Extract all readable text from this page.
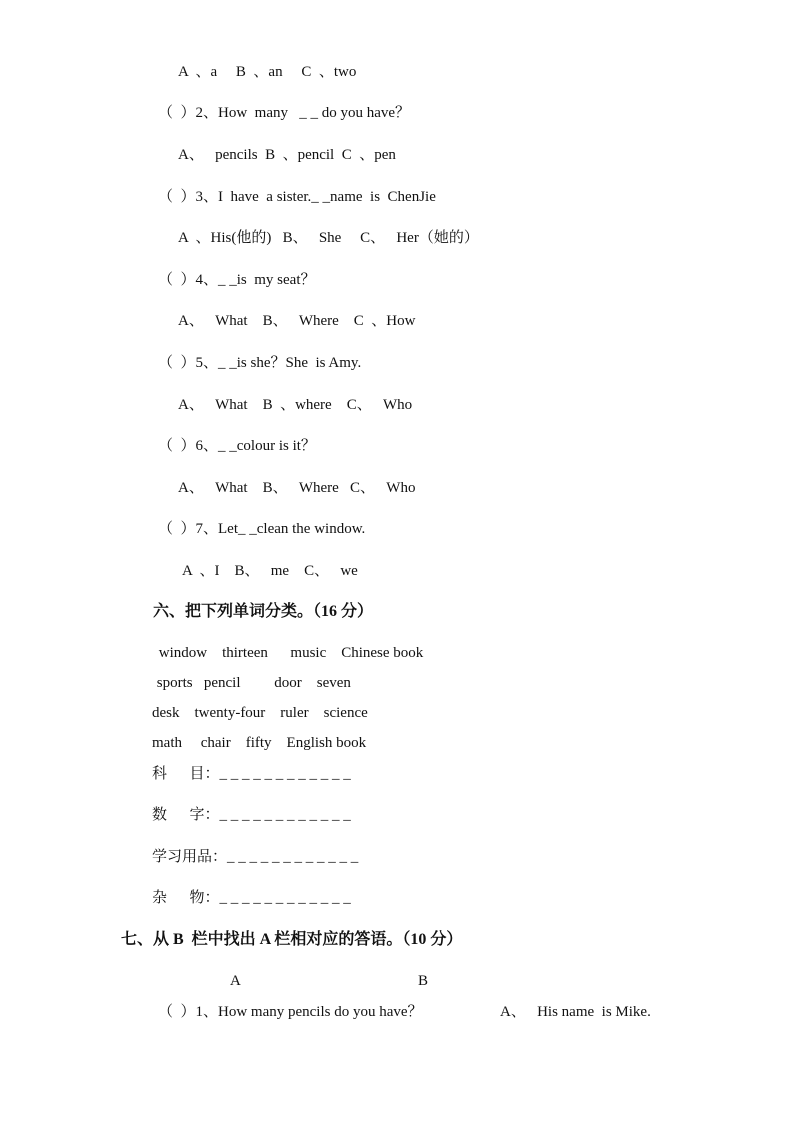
A  、a     B  、an     C  、two
（  ）2、How  many   _ _ do you have？
A、   pencils  B  、pencil  C  、pen
（  ）3、I  have  a sister._ _name  is  ChenJie
A  、His(他的)   B、   She     C、   Her（她的）
（  ）4、_ _is  my seat？
A、   What    B、   Where    C  、How
（  ）5、_ _is she？She  is Amy.
A、   What    B  、where    C、   Who
（  ）6、_ _colour is it？
A、   What    B、   Where   C、   Who
（  ）7、Let_ _clean the window.
A  、I    B、   me    C、   we
六、把下列单词分类。（16 分）
window    thirteen      music    Chinese book
sports   pencil         door    seven
desk    twenty-four    ruler    science
math     chair    fifty    English book
科      目：_ _ _ _ _ _ _ _ _ _ _ _
数      字：_ _ _ _ _ _ _ _ _ _ _ _
学习用品：_ _ _ _ _ _ _ _ _ _ _ _
杂      物：_ _ _ _ _ _ _ _ _ _ _ _
七、从 B  栏中找出 A 栏相对应的答语。（10 分）
A	B
（  ）1、How many pencils do you have？	A、   His name  is Mike.
